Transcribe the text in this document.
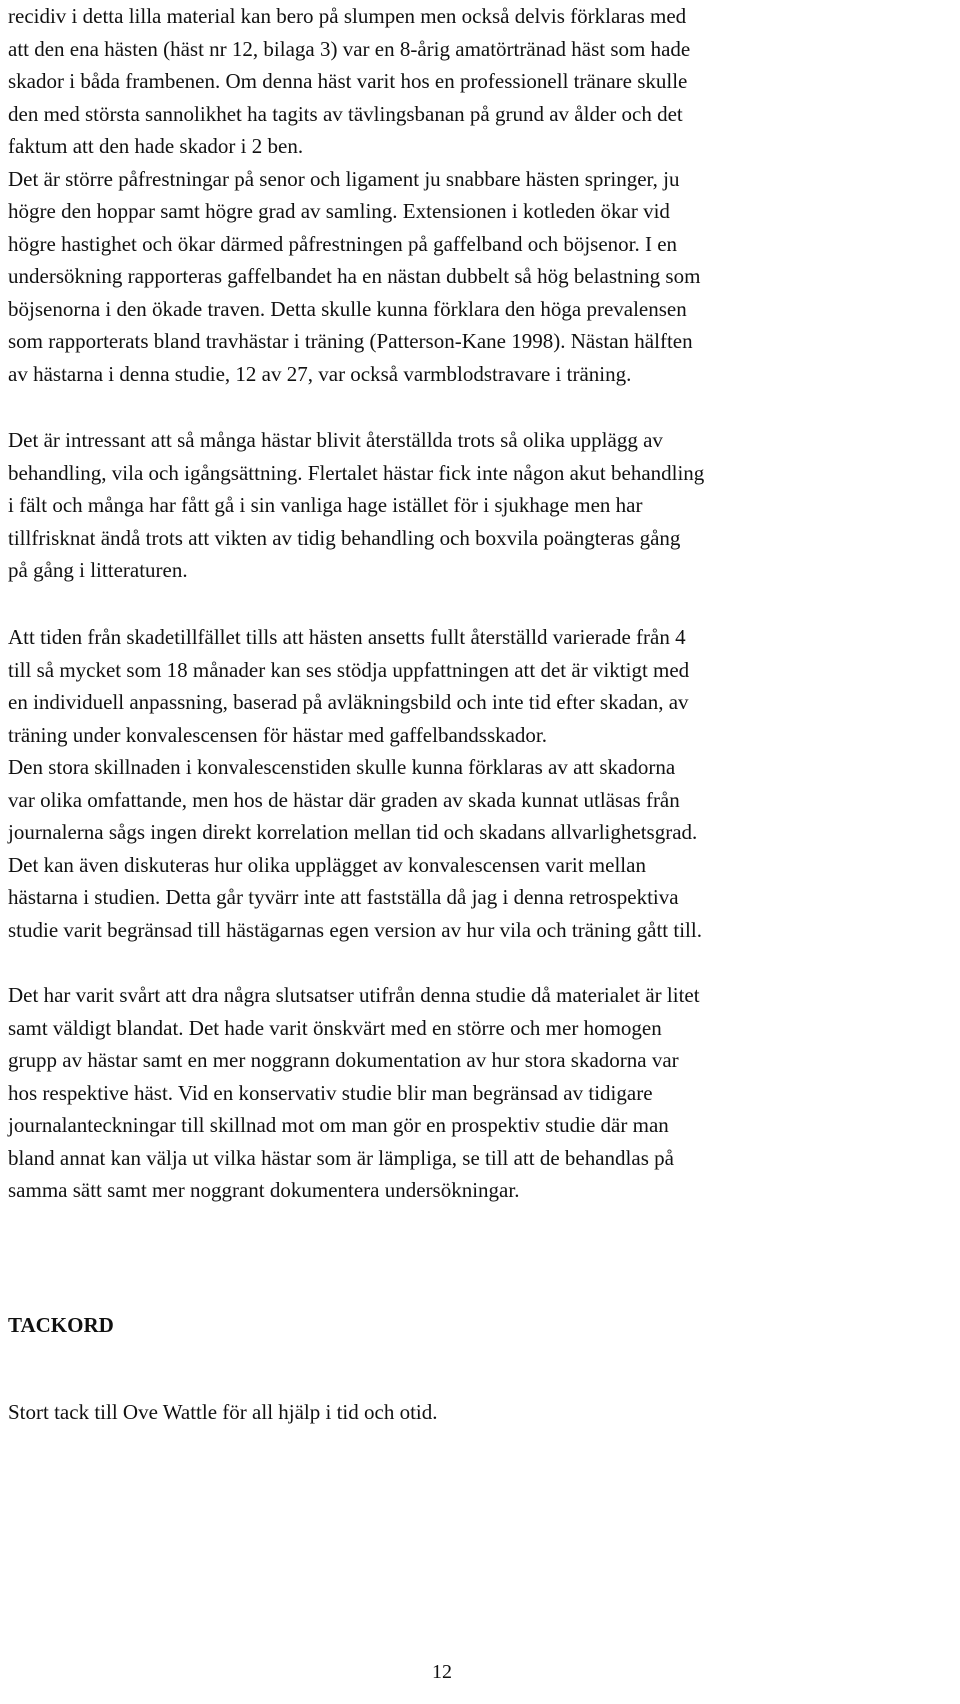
recidiv i detta lilla material kan bero på slumpen men också delvis förklaras med
att den ena hästen (häst nr 12, bilaga 3) var en 8-årig amatörtränad häst som hade
skador i båda frambenen. Om denna häst varit hos en professionell tränare skulle
den med största sannolikhet ha tagits av tävlingsbanan på grund av ålder och det
faktum att den hade skador i 2 ben.
Det är större påfrestningar på senor och ligament ju snabbare hästen springer, ju
högre den hoppar samt högre grad av samling. Extensionen i kotleden ökar vid
högre hastighet och ökar därmed påfrestningen på gaffelband och böjsenor. I en
undersökning rapporteras gaffelbandet ha en nästan dubbelt så hög belastning som
böjsenorna i den ökade traven. Detta skulle kunna förklara den höga prevalensen
som rapporterats bland travhästar i träning (Patterson-Kane 1998). Nästan hälften
av hästarna i denna studie, 12 av 27, var också varmblodstravare i träning.

Det är intressant att så många hästar blivit återställda trots så olika upplägg av
behandling, vila och igångsättning. Flertalet hästar fick inte någon akut behandling
i fält och många har fått gå i sin vanliga hage istället för i sjukhage men har
tillfrisknat ändå trots att vikten av tidig behandling och boxvila poängteras gång
på gång i litteraturen.

Att tiden från skadetillfället tills att hästen ansetts fullt återställd varierade från 4
till så mycket som 18 månader kan ses stödja uppfattningen att det är viktigt med
en individuell anpassning, baserad på avläkningsbild och inte tid efter skadan, av
träning under konvalescensen för hästar med gaffelbandsskador.
Den stora skillnaden i konvalescenstiden skulle kunna förklaras av att skadorna
var olika omfattande, men hos de hästar där graden av skada kunnat utläsas från
journalerna sågs ingen direkt korrelation mellan tid och skadans allvarlighetsgrad.
Det kan även diskuteras hur olika upplägget av konvalescensen varit mellan
hästarna i studien. Detta går tyvärr inte att fastställa då jag i denna retrospektiva
studie varit begränsad till hästägarnas egen version av hur vila och träning gått till.

Det har varit svårt att dra några slutsatser utifrån denna studie då materialet är litet
samt väldigt blandat. Det hade varit önskvärt med en större och mer homogen
grupp av hästar samt en mer noggrann dokumentation av hur stora skadorna var
hos respektive häst. Vid en konservativ studie blir man begränsad av tidigare
journalanteckningar till skillnad mot om man gör en prospektiv studie där man
bland annat kan välja ut vilka hästar som är lämpliga, se till att de behandlas på
samma sätt samt mer noggrant dokumentera undersökningar.

TACKORD

Stort tack till Ove Wattle för all hjälp i tid och otid.

12
